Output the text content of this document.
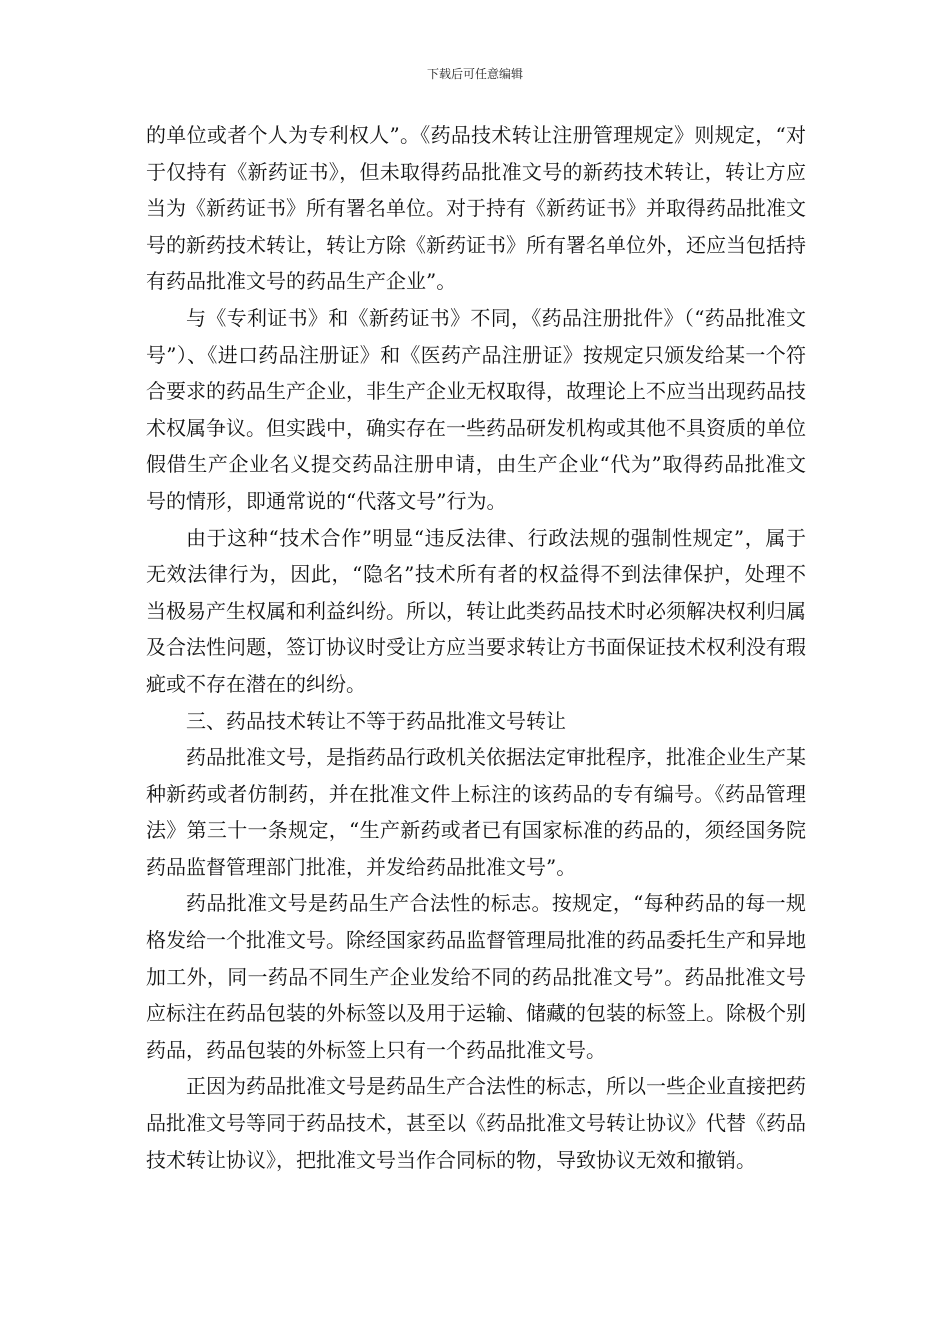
下载后可任意编辑

的单位或者个人为专利权人”。《药品技术转让注册管理规定》则规定，“对于仅持有《新药证书》，但未取得药品批准文号的新药技术转让，转让方应当为《新药证书》所有署名单位。对于持有《新药证书》并取得药品批准文号的新药技术转让，转让方除《新药证书》所有署名单位外，还应当包括持有药品批准文号的药品生产企业”。

与《专利证书》和《新药证书》不同，《药品注册批件》（“药品批准文号”）、《进口药品注册证》和《医药产品注册证》按规定只颁发给某一个符合要求的药品生产企业，非生产企业无权取得，故理论上不应当出现药品技术权属争议。但实践中，确实存在一些药品研发机构或其他不具资质的单位假借生产企业名义提交药品注册申请，由生产企业“代为”取得药品批准文号的情形，即通常说的“代落文号”行为。

由于这种“技术合作”明显“违反法律、行政法规的强制性规定”，属于无效法律行为，因此，“隐名”技术所有者的权益得不到法律保护，处理不当极易产生权属和利益纠纷。所以，转让此类药品技术时必须解决权利归属及合法性问题，签订协议时受让方应当要求转让方书面保证技术权利没有瑕疵或不存在潜在的纠纷。

三、药品技术转让不等于药品批准文号转让

药品批准文号，是指药品行政机关依据法定审批程序，批准企业生产某种新药或者仿制药，并在批准文件上标注的该药品的专有编号。《药品管理法》第三十一条规定，“生产新药或者已有国家标准的药品的，须经国务院药品监督管理部门批准，并发给药品批准文号”。

药品批准文号是药品生产合法性的标志。按规定，“每种药品的每一规格发给一个批准文号。除经国家药品监督管理局批准的药品委托生产和异地加工外，同一药品不同生产企业发给不同的药品批准文号”。药品批准文号应标注在药品包装的外标签以及用于运输、储藏的包装的标签上。除极个别药品，药品包装的外标签上只有一个药品批准文号。

正因为药品批准文号是药品生产合法性的标志，所以一些企业直接把药品批准文号等同于药品技术，甚至以《药品批准文号转让协议》代替《药品技术转让协议》，把批准文号当作合同标的物，导致协议无效和撤销。
